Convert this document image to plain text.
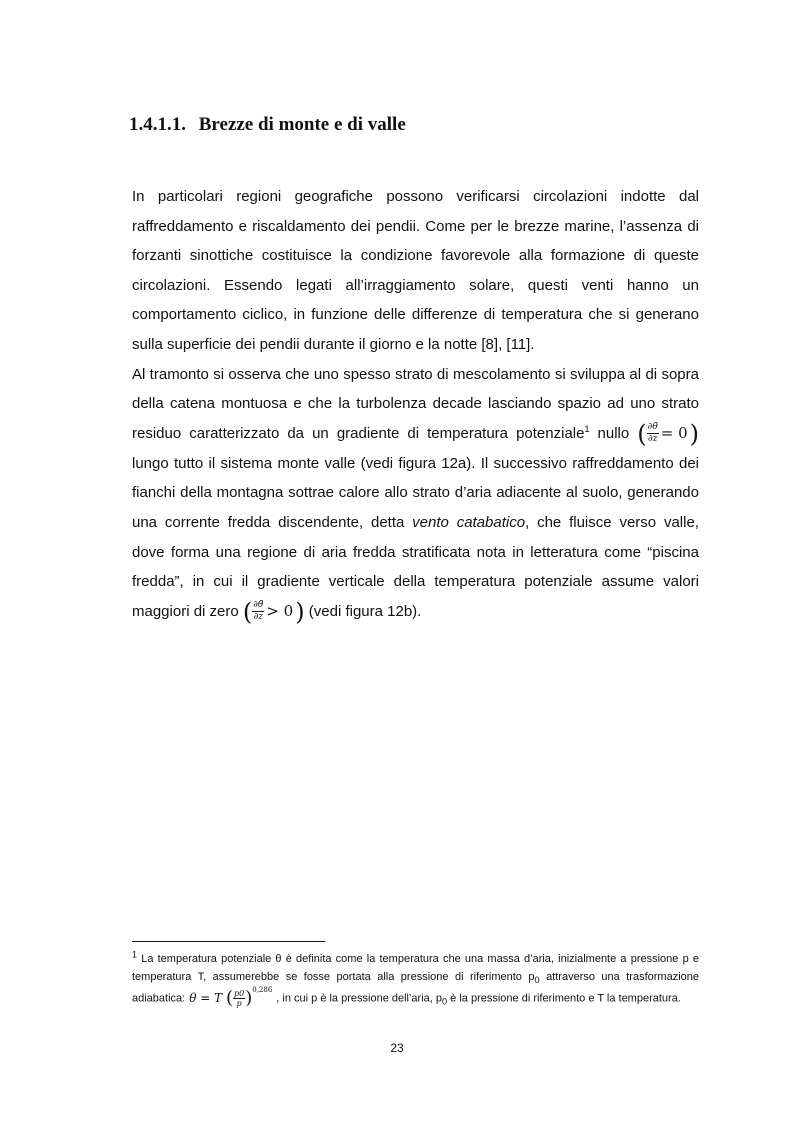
1.4.1.1. Brezze di monte e di valle

In particolari regioni geografiche possono verificarsi circolazioni indotte dal raffreddamento e riscaldamento dei pendii. Come per le brezze marine, l’assenza di forzanti sinottiche costituisce la condizione favorevole alla formazione di queste circolazioni. Essendo legati all’irraggiamento solare, questi venti hanno un comportamento ciclico, in funzione delle differenze di temperatura che si generano sulla superficie dei pendii durante il giorno e la notte [8], [11].

Al tramonto si osserva che uno spesso strato di mescolamento si sviluppa al di sopra della catena montuosa e che la turbolenza decade lasciando spazio ad uno strato residuo caratterizzato da un gradiente di temperatura potenziale$^1$ nullo ( $\frac{\partial\thetā}{\partial z} = 0$) lungo tutto il sistema monte valle (vedi figura 12a). Il successivo raffreddamento dei fianchi della montagna sottrae calore allo strato d’aria adiacente al suolo, generando una corrente fredda discendente, detta vento catabatico, che fluisce verso valle, dove forma una regione di aria fredda stratificata nota in letteratura come “piscina fredda”, in cui il gradiente verticale della temperatura potenziale assume valori maggiori di zero ( $\frac{\partial\thetā}{\partial z} > 0$) (vedi figura 12b).

$^1$ La temperatura potenziale θ è definita come la temperatura che una massa d’aria, inizialmente a pressione p e temperatura T, assumerebbe se fosse portata alla pressione di riferimento $p_0$ attraverso una trasformazione adiabatica: θ = T ( $\frac{p0}{p} )^{0,286}$, in cui p è la pressione dell’aria, $p_0$ è la pressione di riferimento e T la temperatura.

23
